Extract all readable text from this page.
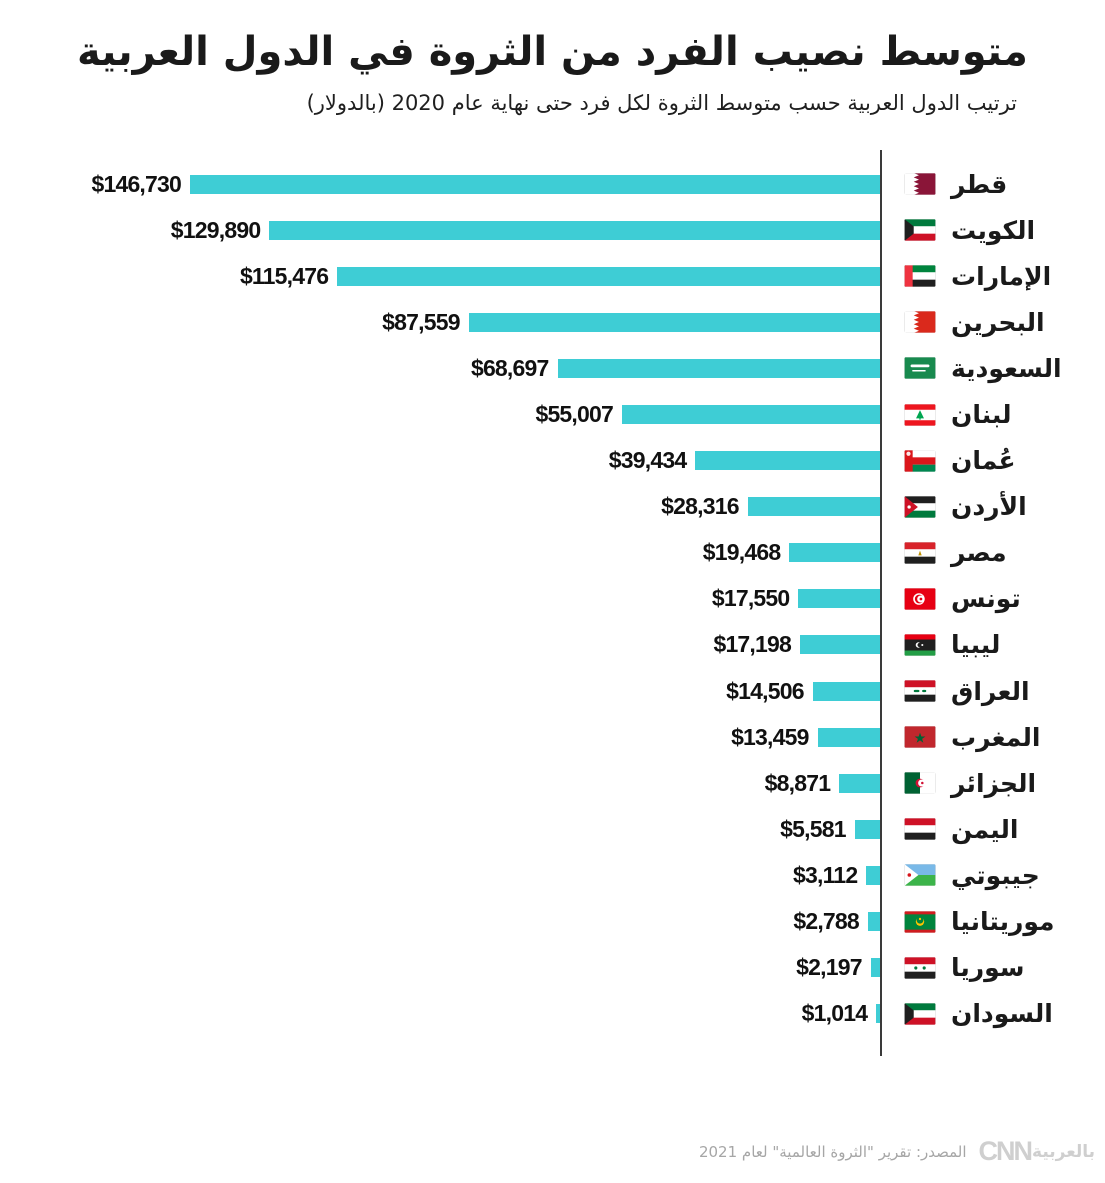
متوسط نصيب الفرد من الثروة في الدول العربية
ترتيب الدول العربية حسب متوسط الثروة لكل فرد حتى نهاية عام 2020 (بالدولار)
$146,730	قطر
$129,890	الكويت
$115,476	الإمارات
$87,559	البحرين
$68,697	السعودية
$55,007	لبنان
$39,434	عُمان
$28,316	الأردن
$19,468	مصر
$17,550	تونس
$17,198	ليبيا
$14,506	العراق
$13,459	المغرب
$8,871	الجزائر
$5,581	اليمن
$3,112	جيبوتي
$2,788	موريتانيا
$2,197	سوريا
$1,014	السودان
المصدر: تقرير "الثروة العالمية" لعام 2021 CNN بالعربية
